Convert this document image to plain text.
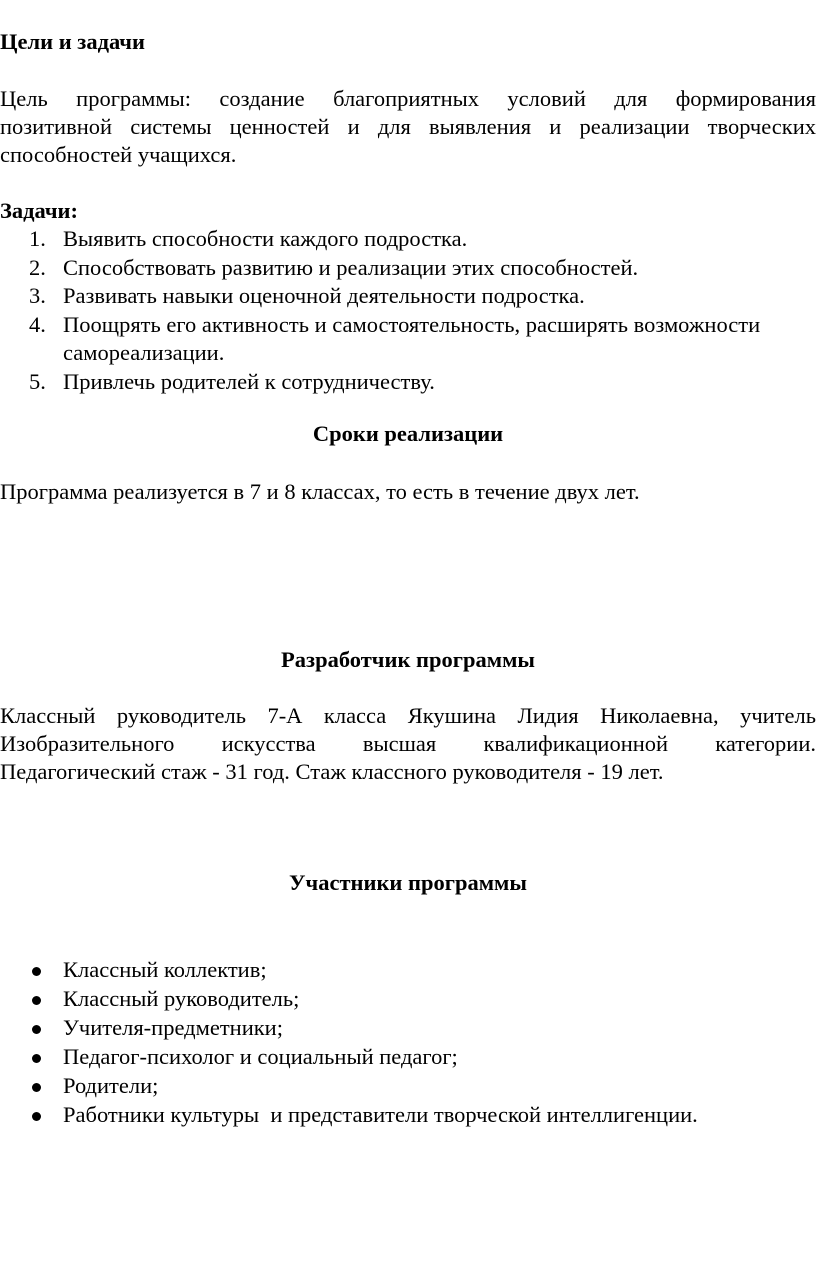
Цели и задачи

Цель программы: создание благоприятных условий для формирования

позитивной системы ценностей и для выявления и реализации творческих

способностей учащихся.

Задачи:

1. Выявить способности каждого подростка.
2. Способствовать развитию и реализации этих способностей.
3. Развивать навыки оценочной деятельности подростка.
4. Поощрять его активность и самостоятельность, расширять возможности самореализации.
5. Привлечь родителей к сотрудничеству.

Сроки реализации

Программа реализуется в 7 и 8 классах, то есть в течение двух лет.

Разработчик программы

Классный руководитель 7-А класса Якушина Лидия Николаевна, учитель

Изобразительного искусства высшая квалификационной категории.

Педагогический стаж - 31 год. Стаж классного руководителя - 19 лет.

Участники программы

Классный коллектив;
Классный руководитель;
Учителя-предметники;
Педагог-психолог и социальный педагог;
Родители;
Работники культуры  и представители творческой интеллигенции.
